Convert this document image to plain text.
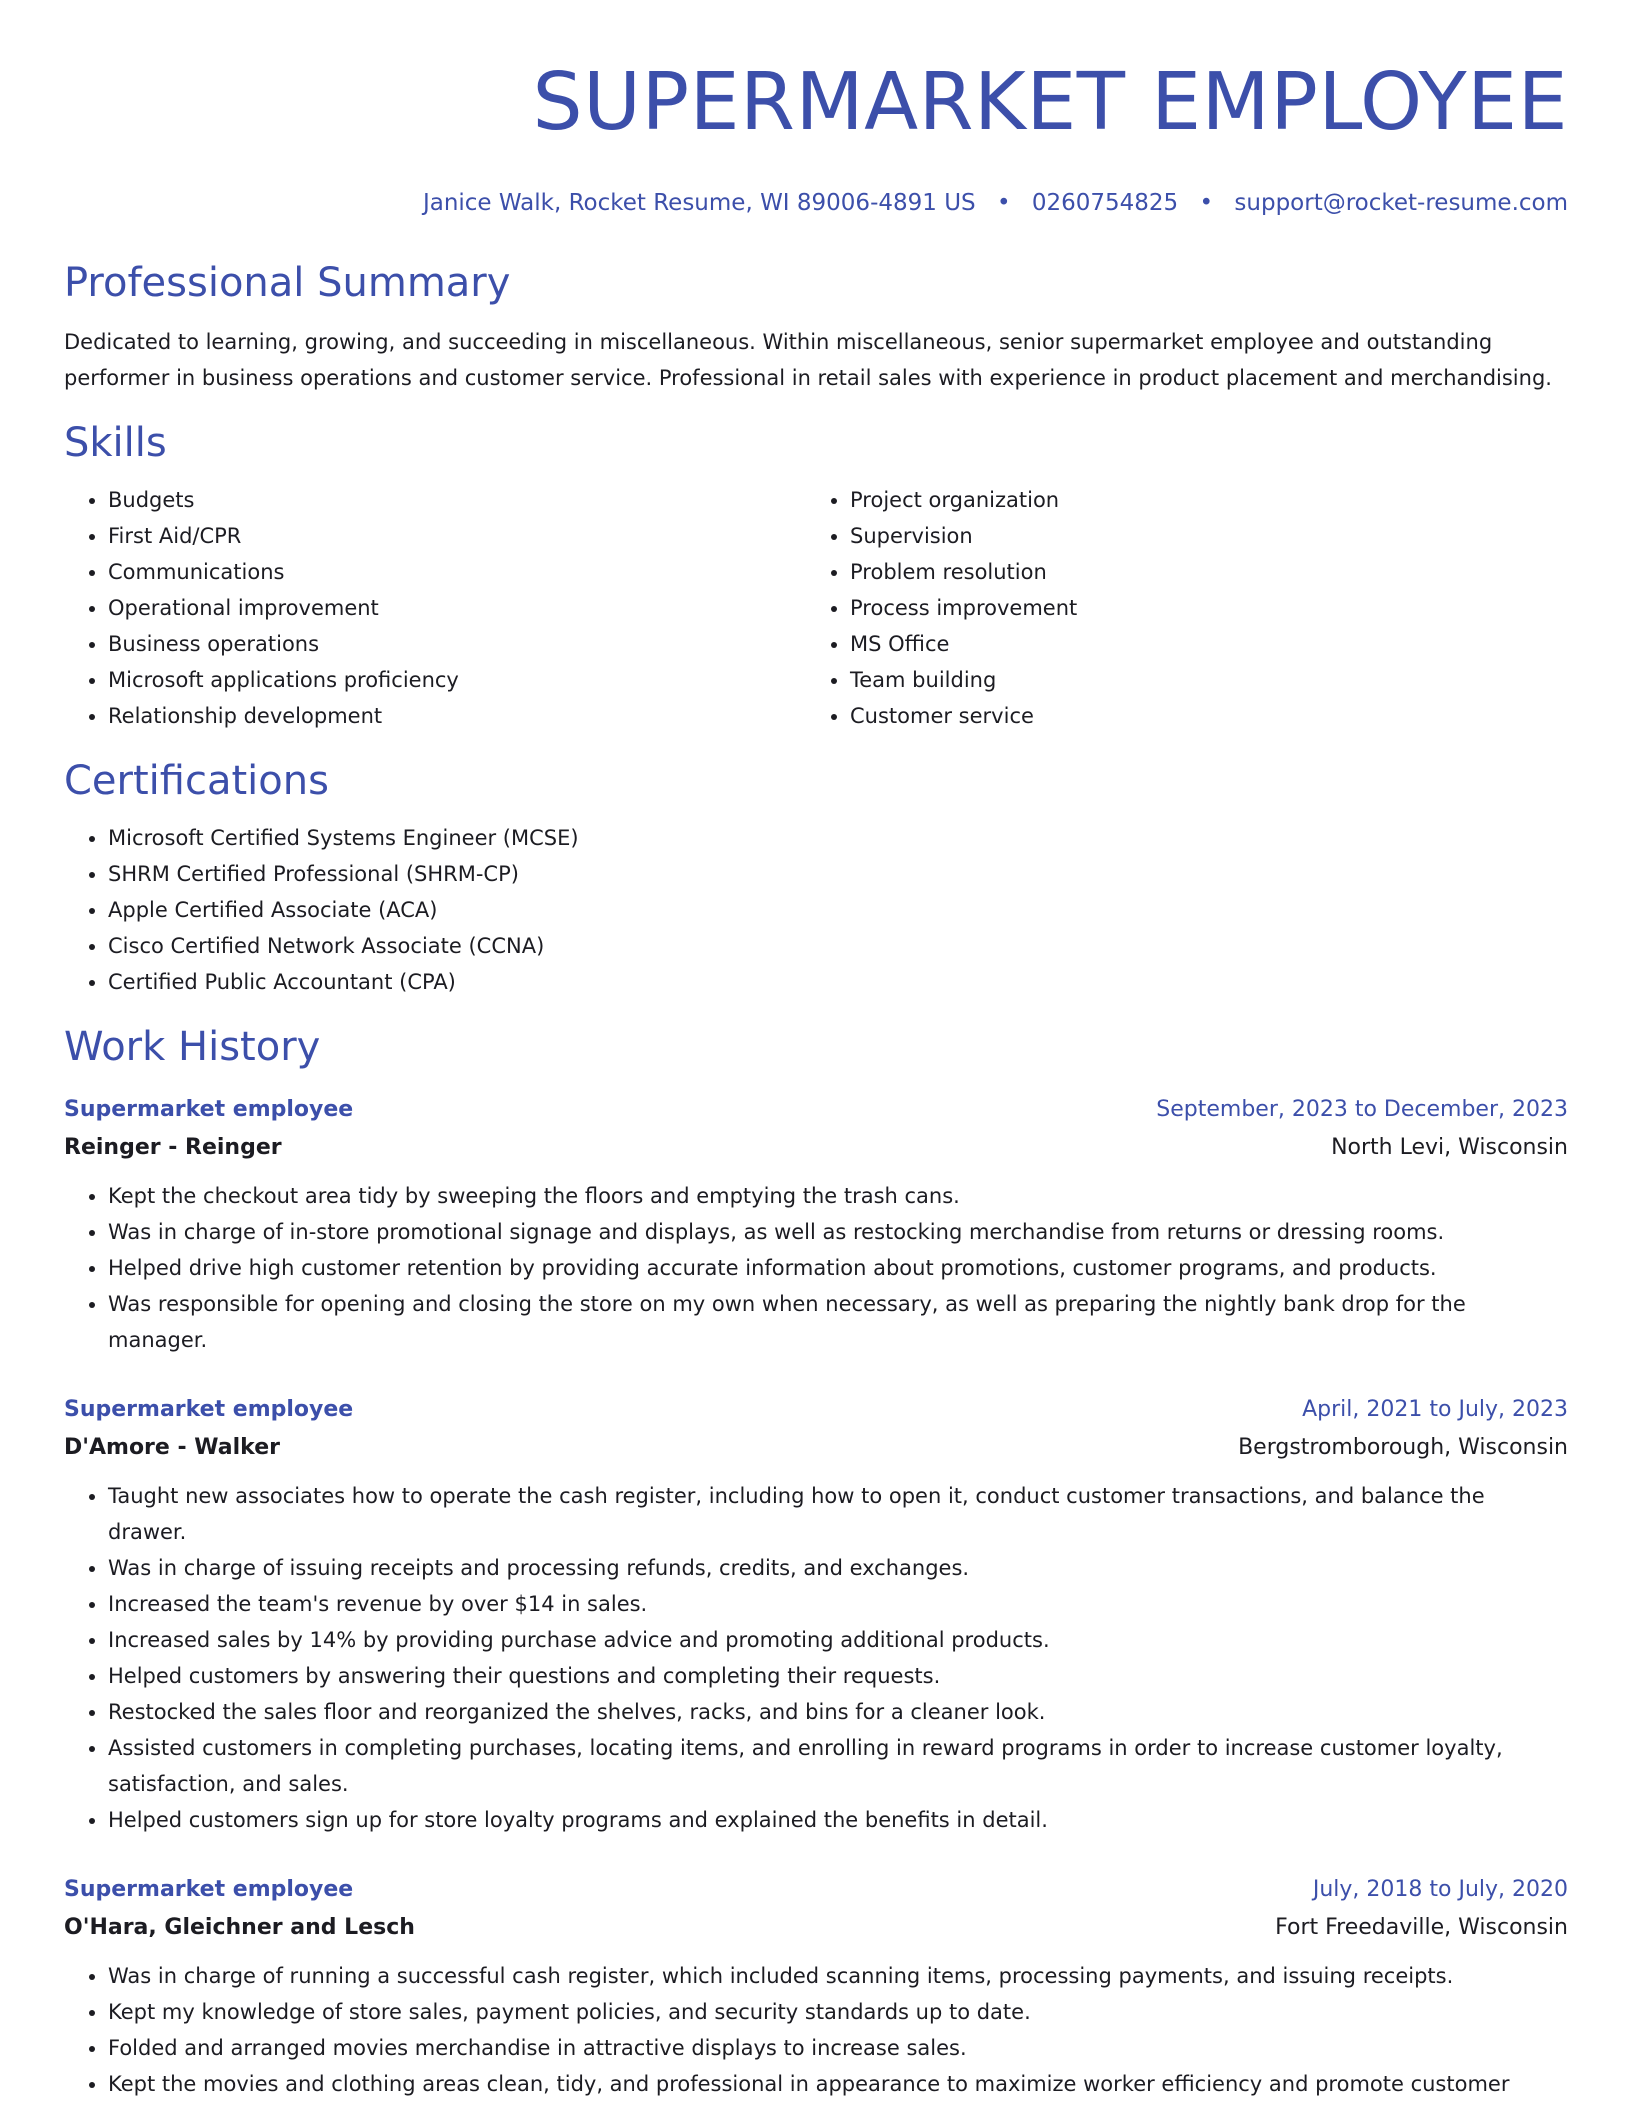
SUPERMARKET EMPLOYEE
Janice Walk, Rocket Resume, WI 89006-4891 US • 0260754825 • support@rocket-resume.com
Professional Summary

Dedicated to learning, growing, and succeeding in miscellaneous. Within miscellaneous, senior supermarket employee and outstanding performer in business operations and customer service. Professional in retail sales with experience in product placement and merchandising.

Skills
• Budgets
• First Aid/CPR
• Communications
• Operational improvement
• Business operations
• Microsoft applications proficiency
• Relationship development
• Project organization
• Supervision
• Problem resolution
• Process improvement
• MS Office
• Team building
• Customer service
Certifications
• Microsoft Certified Systems Engineer (MCSE)
• SHRM Certified Professional (SHRM-CP)
• Apple Certified Associate (ACA)
• Cisco Certified Network Associate (CCNA)
• Certified Public Accountant (CPA)
Work History
Supermarket employee	September, 2023 to December, 2023
Reinger - Reinger	North Levi, Wisconsin
• Kept the checkout area tidy by sweeping the floors and emptying the trash cans.
• Was in charge of in-store promotional signage and displays, as well as restocking merchandise from returns or dressing rooms.
• Helped drive high customer retention by providing accurate information about promotions, customer programs, and products.
• Was responsible for opening and closing the store on my own when necessary, as well as preparing the nightly bank drop for the manager.
Supermarket employee	April, 2021 to July, 2023
D'Amore - Walker	Bergstromborough, Wisconsin
• Taught new associates how to operate the cash register, including how to open it, conduct customer transactions, and balance the drawer.
• Was in charge of issuing receipts and processing refunds, credits, and exchanges.
• Increased the team's revenue by over $14 in sales.
• Increased sales by 14% by providing purchase advice and promoting additional products.
• Helped customers by answering their questions and completing their requests.
• Restocked the sales floor and reorganized the shelves, racks, and bins for a cleaner look.
• Assisted customers in completing purchases, locating items, and enrolling in reward programs in order to increase customer loyalty, satisfaction, and sales.
• Helped customers sign up for store loyalty programs and explained the benefits in detail.
Supermarket employee	July, 2018 to July, 2020
O'Hara, Gleichner and Lesch	Fort Freedaville, Wisconsin
• Was in charge of running a successful cash register, which included scanning items, processing payments, and issuing receipts.
• Kept my knowledge of store sales, payment policies, and security standards up to date.
• Folded and arranged movies merchandise in attractive displays to increase sales.
• Kept the movies and clothing areas clean, tidy, and professional in appearance to maximize worker efficiency and promote customer
